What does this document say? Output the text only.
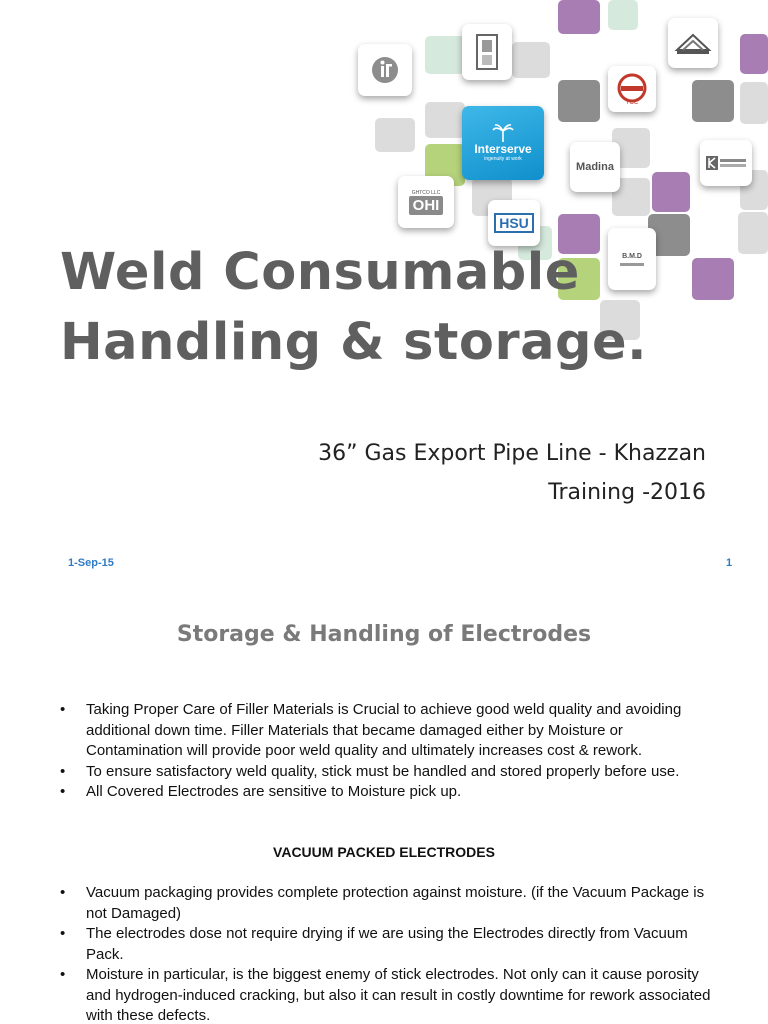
TCC
Interserve
ingenuity at work
Madina
GHTCO LLC
OHI
HSU
B.M.D
Weld Consumable
Handling & storage.
36” Gas Export Pipe Line - Khazzan
Training -2016
1-Sep-15	1
Storage & Handling of Electrodes
• Taking Proper Care of Filler Materials is Crucial to achieve good weld quality and avoiding additional down time. Filler Materials that became damaged either by Moisture or Contamination will provide poor weld quality and ultimately increases cost & rework.
• To ensure satisfactory weld quality, stick must be handled and stored properly before use.
• All Covered Electrodes are sensitive to Moisture pick up.
VACUUM PACKED ELECTRODES
• Vacuum packaging provides complete protection against moisture. (if the Vacuum Package is not Damaged)
• The electrodes dose not require drying if we are using the Electrodes directly from Vacuum Pack.
• Moisture in particular, is the biggest enemy of stick electrodes. Not only can it cause porosity and hydrogen-induced cracking, but also it can result in costly downtime for rework associated with these defects.
